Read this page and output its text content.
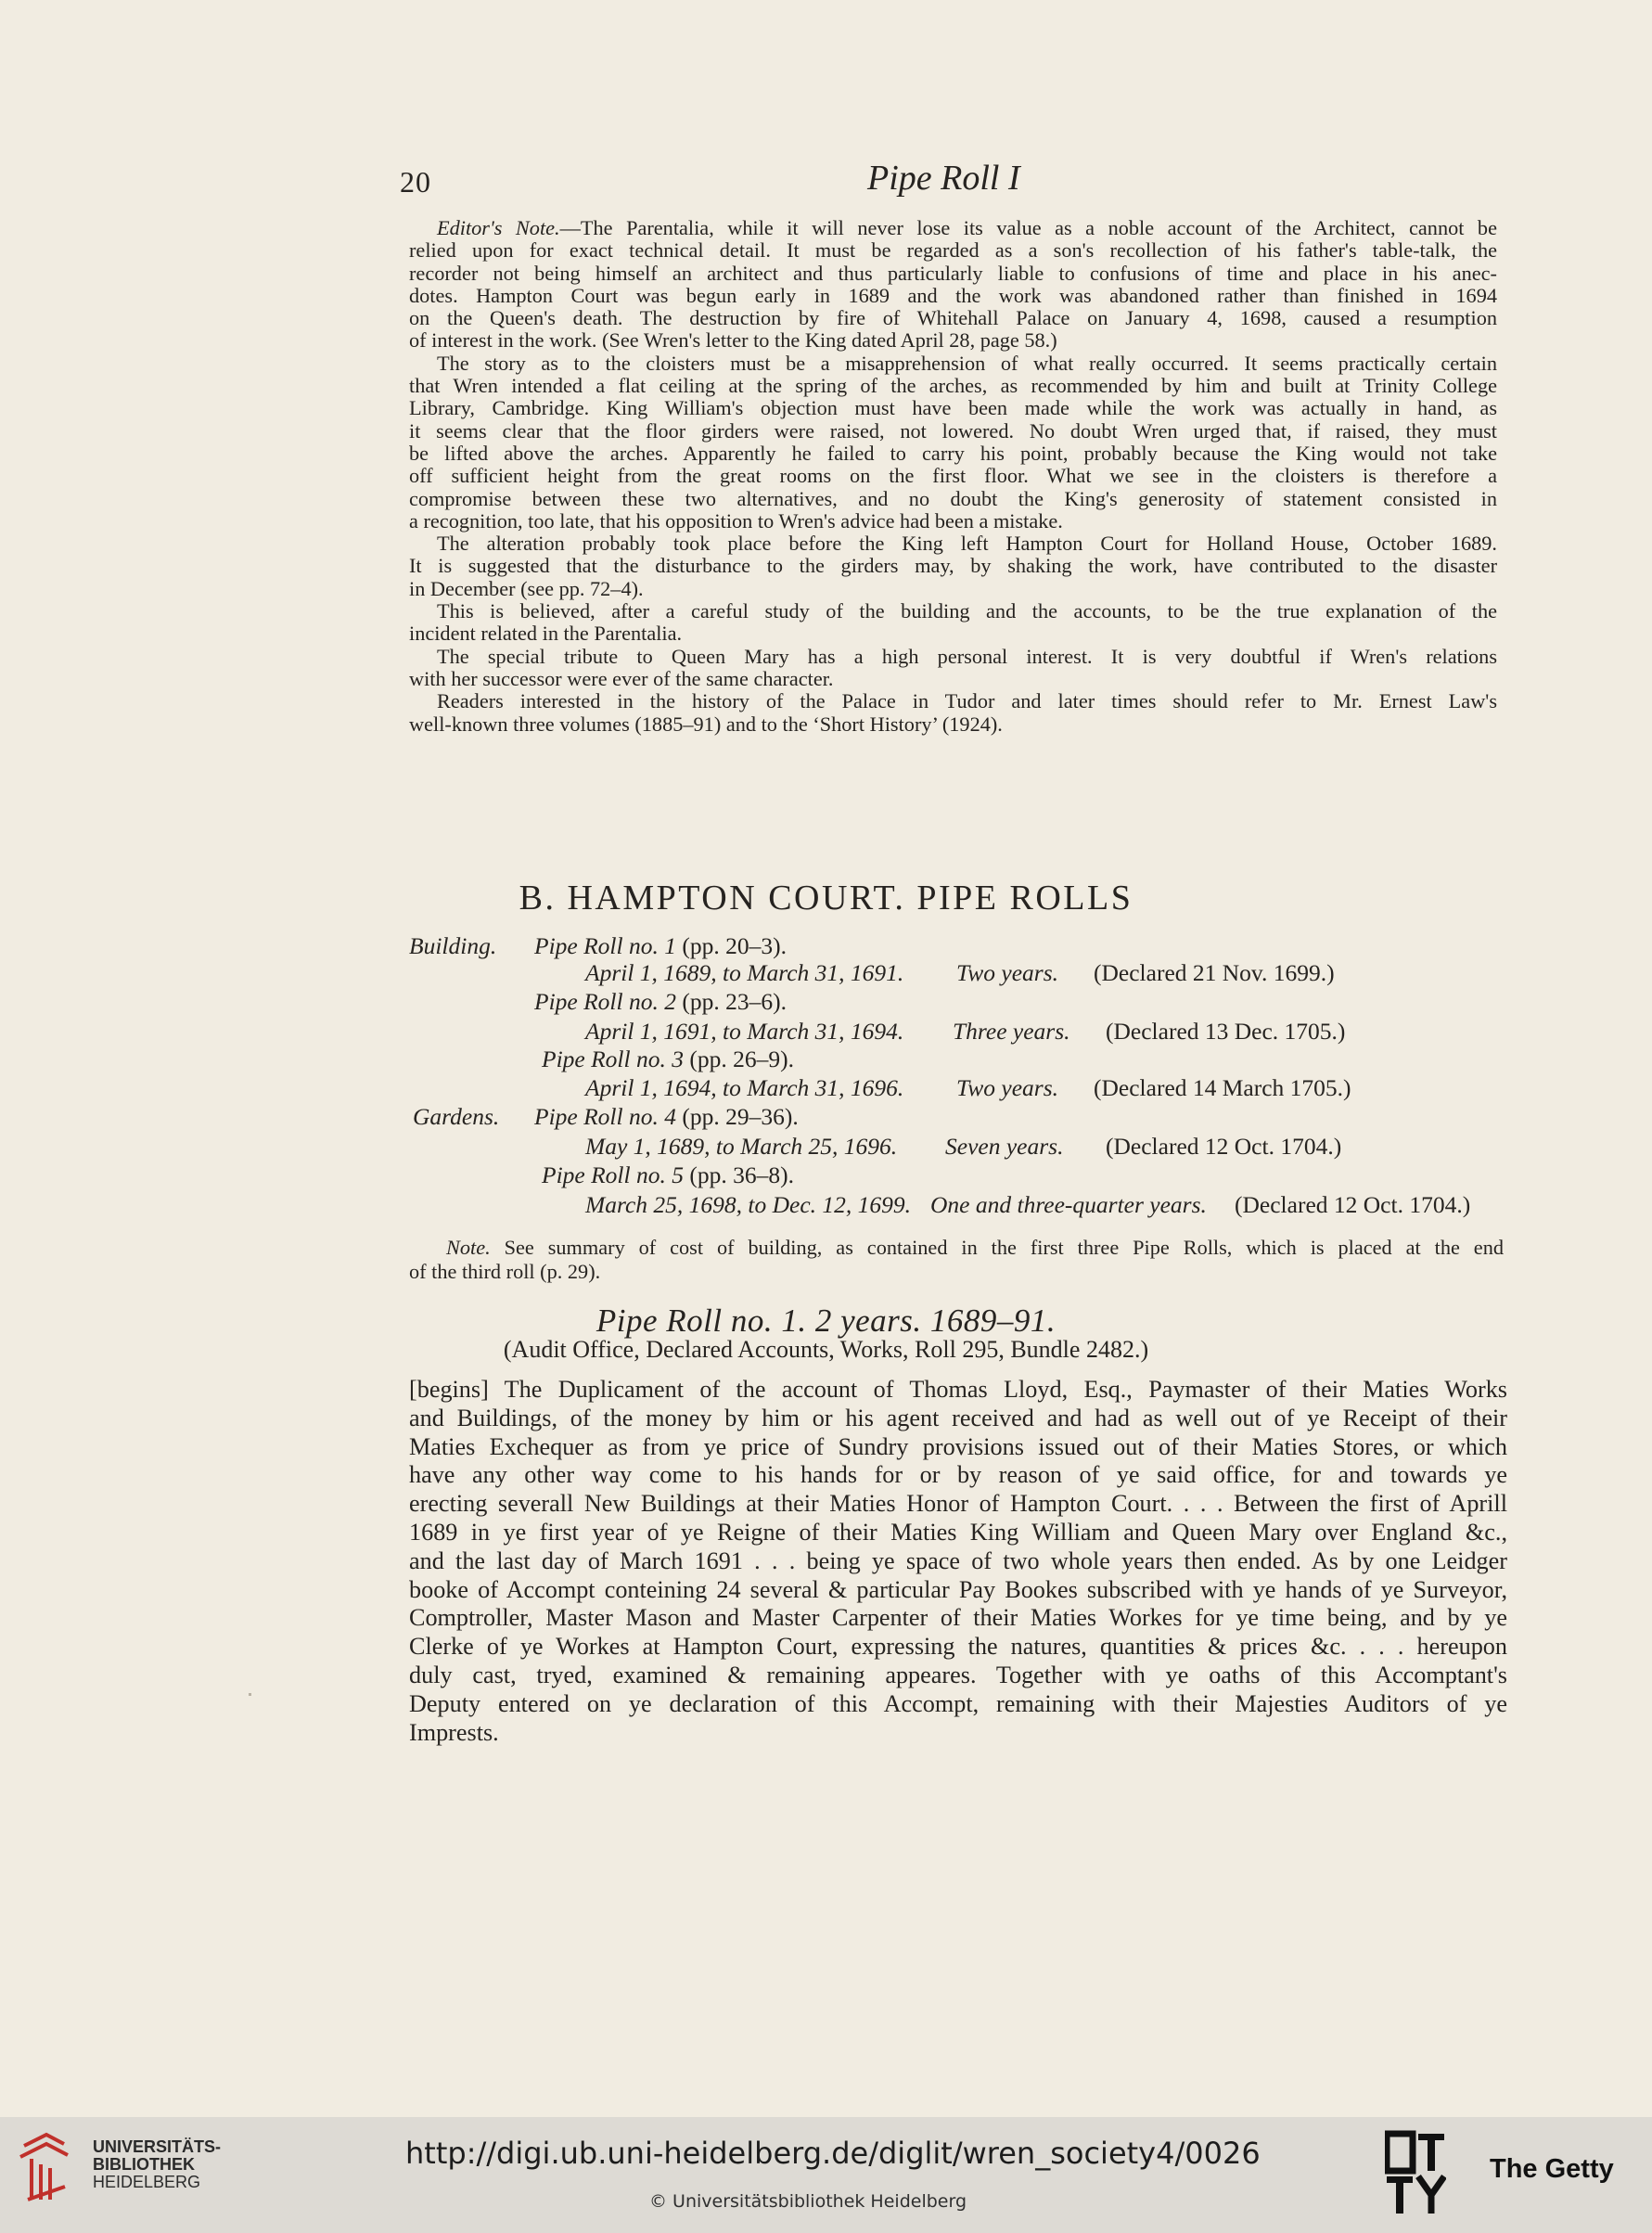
20	Pipe Roll I
Editor's Note.—The Parentalia, while it will never lose its value as a noble account of the Architect, cannot be
relied upon for exact technical detail. It must be regarded as a son's recollection of his father's table-talk, the
recorder not being himself an architect and thus particularly liable to confusions of time and place in his anec-
dotes. Hampton Court was begun early in 1689 and the work was abandoned rather than finished in 1694
on the Queen's death. The destruction by fire of Whitehall Palace on January 4, 1698, caused a resumption
of interest in the work. (See Wren's letter to the King dated April 28, page 58.)
The story as to the cloisters must be a misapprehension of what really occurred. It seems practically certain
that Wren intended a flat ceiling at the spring of the arches, as recommended by him and built at Trinity College
Library, Cambridge. King William's objection must have been made while the work was actually in hand, as
it seems clear that the floor girders were raised, not lowered. No doubt Wren urged that, if raised, they must
be lifted above the arches. Apparently he failed to carry his point, probably because the King would not take
off sufficient height from the great rooms on the first floor. What we see in the cloisters is therefore a
compromise between these two alternatives, and no doubt the King's generosity of statement consisted in
a recognition, too late, that his opposition to Wren's advice had been a mistake.
The alteration probably took place before the King left Hampton Court for Holland House, October 1689.
It is suggested that the disturbance to the girders may, by shaking the work, have contributed to the disaster
in December (see pp. 72–4).
This is believed, after a careful study of the building and the accounts, to be the true explanation of the
incident related in the Parentalia.
The special tribute to Queen Mary has a high personal interest. It is very doubtful if Wren's relations
with her successor were ever of the same character.
Readers interested in the history of the Palace in Tudor and later times should refer to Mr. Ernest Law's
well-known three volumes (1885–91) and to the ‘Short History’ (1924).
B. HAMPTON COURT. PIPE ROLLS
Building. Pipe Roll no. 1 (pp. 20–3).
April 1, 1689, to March 31, 1691. Two years. (Declared 21 Nov. 1699.)
Pipe Roll no. 2 (pp. 23–6).
April 1, 1691, to March 31, 1694. Three years. (Declared 13 Dec. 1705.)
Pipe Roll no. 3 (pp. 26–9).
April 1, 1694, to March 31, 1696. Two years. (Declared 14 March 1705.)
Gardens. Pipe Roll no. 4 (pp. 29–36).
May 1, 1689, to March 25, 1696. Seven years. (Declared 12 Oct. 1704.)
Pipe Roll no. 5 (pp. 36–8).
March 25, 1698, to Dec. 12, 1699. One and three-quarter years. (Declared 12 Oct. 1704.)
Note. See summary of cost of building, as contained in the first three Pipe Rolls, which is placed at the end
of the third roll (p. 29).
Pipe Roll no. 1. 2 years. 1689–91.
(Audit Office, Declared Accounts, Works, Roll 295, Bundle 2482.)
[begins] The Duplicament of the account of Thomas Lloyd, Esq., Paymaster of their Maties Works
and Buildings, of the money by him or his agent received and had as well out of ye Receipt of their
Maties Exchequer as from ye price of Sundry provisions issued out of their Maties Stores, or which
have any other way come to his hands for or by reason of ye said office, for and towards ye
erecting severall New Buildings at their Maties Honor of Hampton Court. . . . Between the first of Aprill
1689 in ye first year of ye Reigne of their Maties King William and Queen Mary over England &c.,
and the last day of March 1691 . . . being ye space of two whole years then ended. As by one Leidger
booke of Accompt conteining 24 several & particular Pay Bookes subscribed with ye hands of ye Surveyor,
Comptroller, Master Mason and Master Carpenter of their Maties Workes for ye time being, and by ye
Clerke of ye Workes at Hampton Court, expressing the natures, quantities & prices &c. . . . hereupon
duly cast, tryed, examined & remaining appeares. Together with ye oaths of this Accomptant's
Deputy entered on ye declaration of this Accompt, remaining with their Majesties Auditors of ye
Imprests.
UNIVERSITÄTS-
BIBLIOTHEK
HEIDELBERG
http://digi.ub.uni-heidelberg.de/diglit/wren_society4/0026
© Universitätsbibliothek Heidelberg
The Getty
